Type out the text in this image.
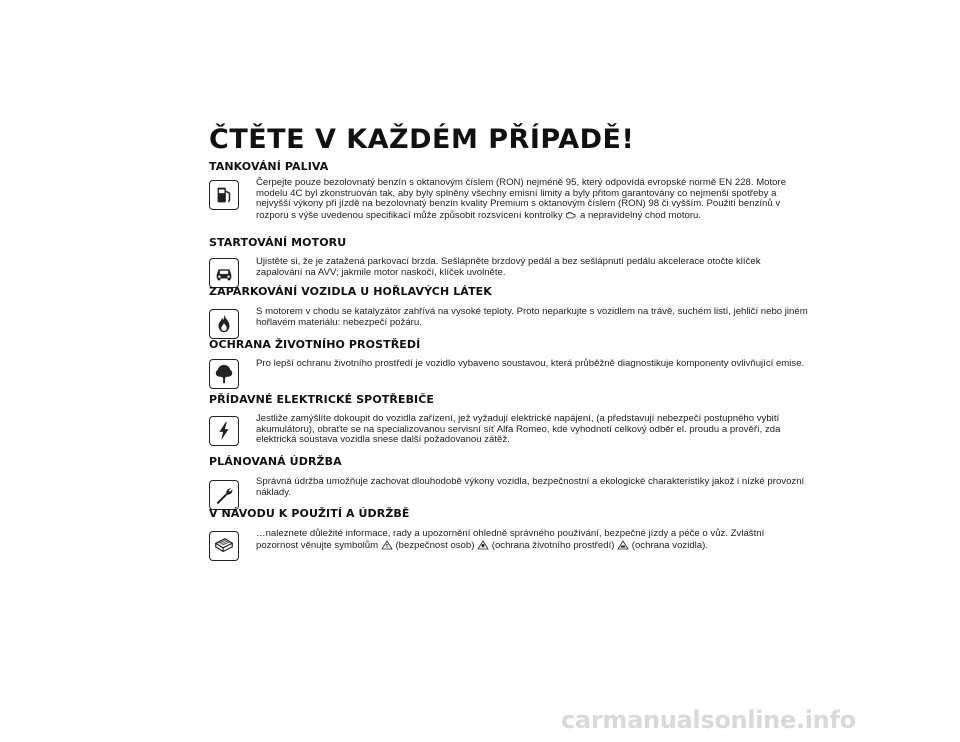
ČTĚTE V KAŽDÉM PŘÍPADĚ!
TANKOVÁNÍ PALIVA

Čerpejte pouze bezolovnatý benzín s oktanovým číslem (RON) nejméně 95, který odpovídá evropské normě EN 228. Motore modelu 4C byl zkonstruován tak, aby byly splněny všechny emisní limity a byly přitom garantovány co nejmenší spotřeby a nejvyšší výkony při jízdě na bezolovnatý benzín kvality Premium s oktanovým číslem (RON) 98 či vyšším. Použití benzínů v rozporu s výše uvedenou specifikací může způsobit rozsvícení kontrolky a nepravidelný chod motoru.

STARTOVÁNÍ MOTORU
Ujistěte si, že je zatažená parkovací brzda. Sešlápněte brzdový pedál a bez sešlápnutí pedálu akcelerace otočte klíček zapalování na AVV; jakmile motor naskočí, klíček uvolněte.
ZAPARKOVÁNÍ VOZIDLA U HOŘLAVÝCH LÁTEK
S motorem v chodu se katalyzátor zahřívá na vysoké teploty. Proto neparkujte s vozidlem na trávě, suchém listí, jehličí nebo jiném hořlavém materiálu: nebezpečí požáru.
OCHRANA ŽIVOTNÍHO PROSTŘEDÍ
Pro lepší ochranu životního prostředí je vozidlo vybaveno soustavou, která průběžně diagnostikuje komponenty ovlivňující emise.
PŘÍDAVNÉ ELEKTRICKÉ SPOTŘEBIČE
Jestliže zamýšlíte dokoupit do vozidla zařízení, jež vyžadují elektrické napájení, (a představují nebezpečí postupného vybití akumulátoru), obraťte se na specializovanou servisní síť Alfa Romeo, kde vyhodnotí celkový odběr el. proudu a prověří, zda elektrická soustava vozidla snese další požadovanou zátěž.
PLÁNOVANÁ ÚDRŽBA
Správná údržba umožňuje zachovat dlouhodobě výkony vozidla, bezpečnostní a ekologické charakteristiky jakož i nízké provozní náklady.
V NÁVODU K POUŽITÍ A ÚDRŽBĚ

…naleznete důležité informace, rady a upozornění ohledně správného používání, bezpečné jízdy a péče o vůz. Zvláštní pozornost věnujte symbolům (bezpečnost osob) (ochrana životního prostředí) (ochrana vozidla).

carmanualsonline.info
